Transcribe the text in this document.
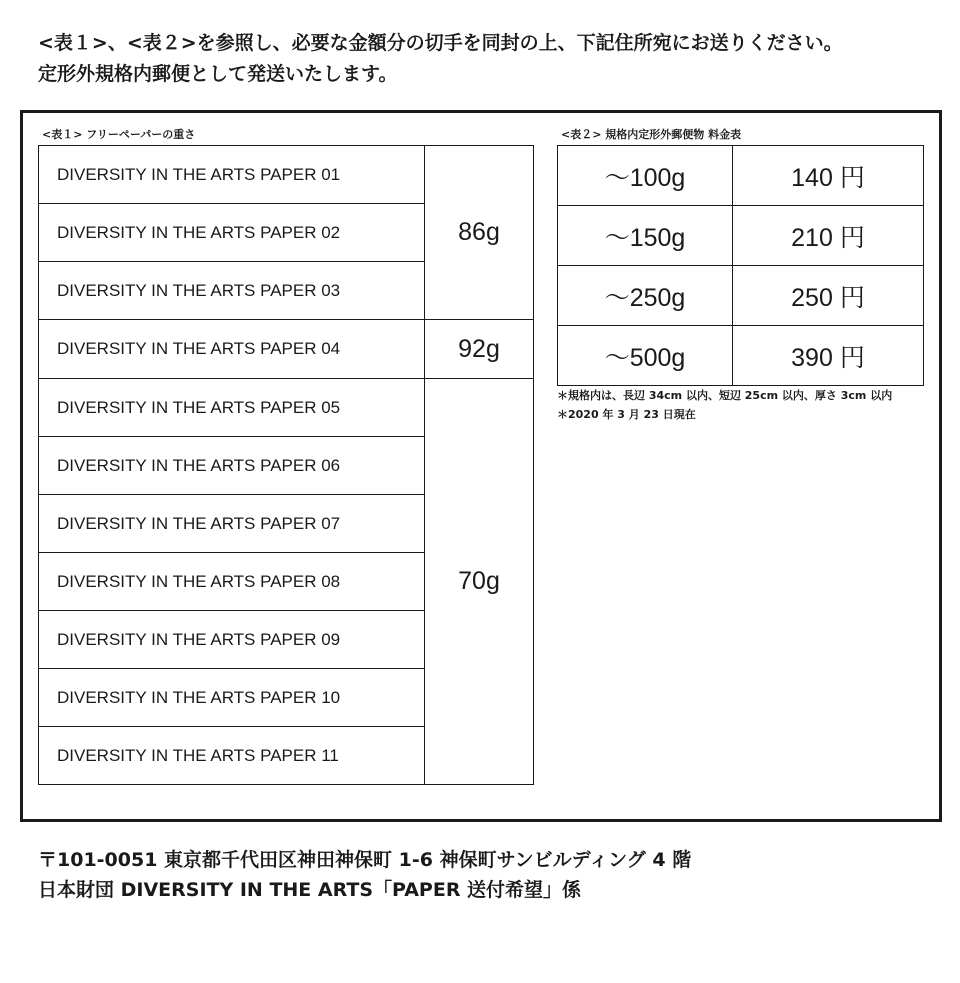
<表１>、<表２>を参照し、必要な金額分の切手を同封の上、下記住所宛にお送りください。
定形外規格内郵便として発送いたします。
<表１> フリーペーパーの重さ
DIVERSITY IN THE ARTS PAPER 01	86g
DIVERSITY IN THE ARTS PAPER 02	
DIVERSITY IN THE ARTS PAPER 03	
DIVERSITY IN THE ARTS PAPER 04	92g
DIVERSITY IN THE ARTS PAPER 05	70g
DIVERSITY IN THE ARTS PAPER 06	
DIVERSITY IN THE ARTS PAPER 07	
DIVERSITY IN THE ARTS PAPER 08	
DIVERSITY IN THE ARTS PAPER 09	
DIVERSITY IN THE ARTS PAPER 10	
DIVERSITY IN THE ARTS PAPER 11	
<表２> 規格内定形外郵便物 料金表
〜100g	140 円
〜150g	210 円
〜250g	250 円
〜500g	390 円
＊規格内は、長辺 34cm 以内、短辺 25cm 以内、厚さ 3cm 以内
＊2020 年 3 月 23 日現在
〒101-0051 東京都千代田区神田神保町 1-6 神保町サンビルディング 4 階
日本財団 DIVERSITY IN THE ARTS「PAPER 送付希望」係
